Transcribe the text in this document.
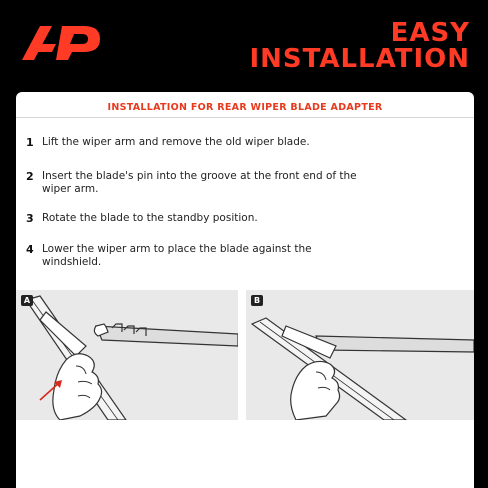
EASY
INSTALLATION
INSTALLATION FOR REAR WIPER BLADE ADAPTER
1 Lift the wiper arm and remove the old wiper blade.
2 Insert the blade's pin into the groove at the front end of the wiper arm.
3 Rotate the blade to the standby position.
4 Lower the wiper arm to place the blade against the windshield.
A	B
